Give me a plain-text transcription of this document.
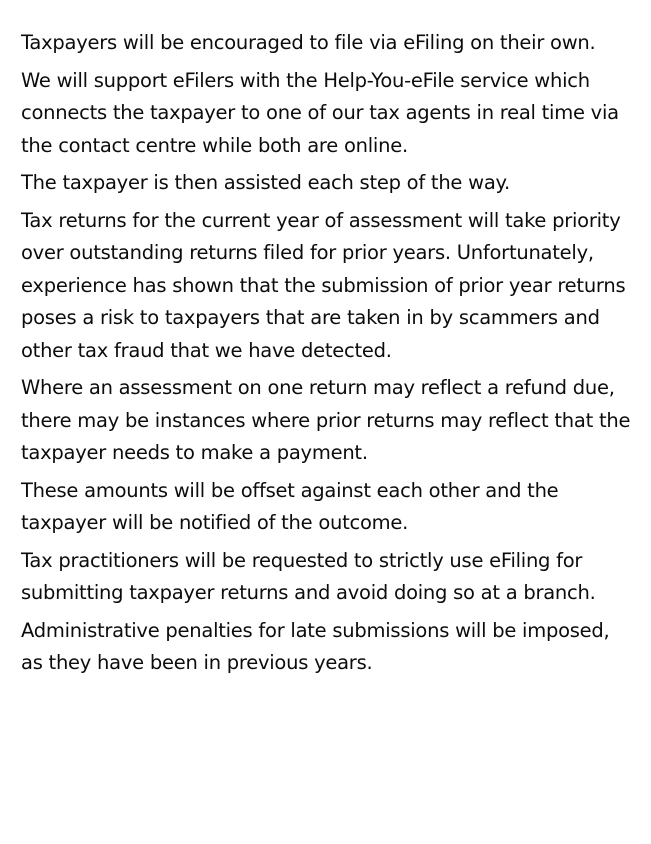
Taxpayers will be encouraged to file via eFiling on their own.

We will support eFilers with the Help-You-eFile service which connects the taxpayer to one of our tax agents in real time via the contact centre while both are online.

The taxpayer is then assisted each step of the way.

Tax returns for the current year of assessment will take priority over outstanding returns filed for prior years. Unfortunately, experience has shown that the submission of prior year returns poses a risk to taxpayers that are taken in by scammers and other tax fraud that we have detected.

Where an assessment on one return may reflect a refund due, there may be instances where prior returns may reflect that the taxpayer needs to make a payment.

These amounts will be offset against each other and the taxpayer will be notified of the outcome.

Tax practitioners will be requested to strictly use eFiling for submitting taxpayer returns and avoid doing so at a branch.

Administrative penalties for late submissions will be imposed, as they have been in previous years.
